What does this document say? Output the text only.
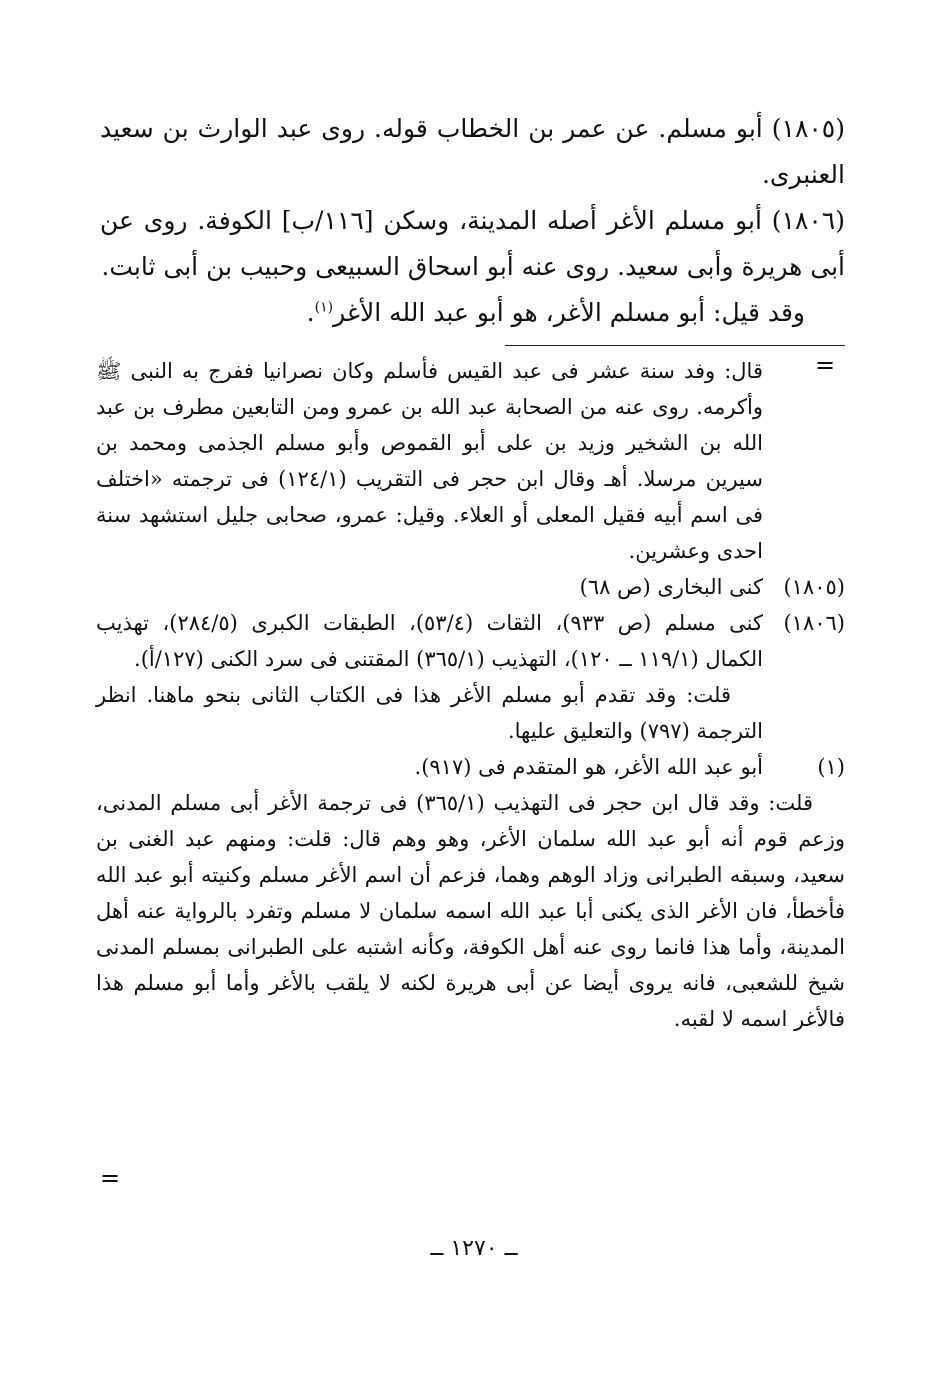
(١٨٠٥) أبو مسلم. عن عمر بن الخطاب قوله. روى عبد الوارث بن سعيد العنبرى.

(١٨٠٦) أبو مسلم الأغر أصله المدينة، وسكن [١١٦/ب] الكوفة. روى عن أبى هريرة وأبى سعيد. روى عنه أبو اسحاق السبيعى وحبيب بن أبى ثابت.

وقد قيل: أبو مسلم الأغر، هو أبو عبد الله الأغر$^{(١)}$.

=
قال: وفد سنة عشر فى عبد القيس فأسلم وكان نصرانيا ففرج به النبى ﷺ وأكرمه. روى عنه من الصحابة عبد الله بن عمرو ومن التابعين مطرف بن عبد الله بن الشخير وزيد بن على أبو القموص وأبو مسلم الجذمى ومحمد بن سيرين مرسلا. أهـ وقال ابن حجر فى التقريب (١٢٤/١) فى ترجمته «اختلف فى اسم أبيه فقيل المعلى أو العلاء. وقيل: عمرو، صحابى جليل استشهد سنة احدى وعشرين.
(١٨٠٥)
كنى البخارى (ص ٦٨)
(١٨٠٦)

كنى مسلم (ص ٩٣٣)، الثقات (٥٣/٤)، الطبقات الكبرى (٢٨٤/٥)، تهذيب الكمال (١١٩/١ ــ ١٢٠)، التهذيب (٣٦٥/١) المقتنى فى سرد الكنى (١٢٧/أ).

قلت: وقد تقدم أبو مسلم الأغر هذا فى الكتاب الثانى بنحو ماهنا. انظر الترجمة (٧٩٧) والتعليق عليها.

(١)
أبو عبد الله الأغر، هو المتقدم فى (٩١٧).

قلت: وقد قال ابن حجر فى التهذيب (٣٦٥/١) فى ترجمة الأغر أبى مسلم المدنى، وزعم قوم أنه أبو عبد الله سلمان الأغر، وهو وهم قال: قلت: ومنهم عبد الغنى بن سعيد، وسبقه الطبرانى وزاد الوهم وهما، فزعم أن اسم الأغر مسلم وكنيته أبو عبد الله فأخطأ، فان الأغر الذى يكنى أبا عبد الله اسمه سلمان لا مسلم وتفرد بالرواية عنه أهل المدينة، وأما هذا فانما روى عنه أهل الكوفة، وكأنه اشتبه على الطبرانى بمسلم المدنى شيخ للشعبى، فانه يروى أيضا عن أبى هريرة لكنه لا يلقب بالأغر وأما أبو مسلم هذا فالأغر اسمه لا لقبه.

=
ــ ١٢٧٠ ــ
